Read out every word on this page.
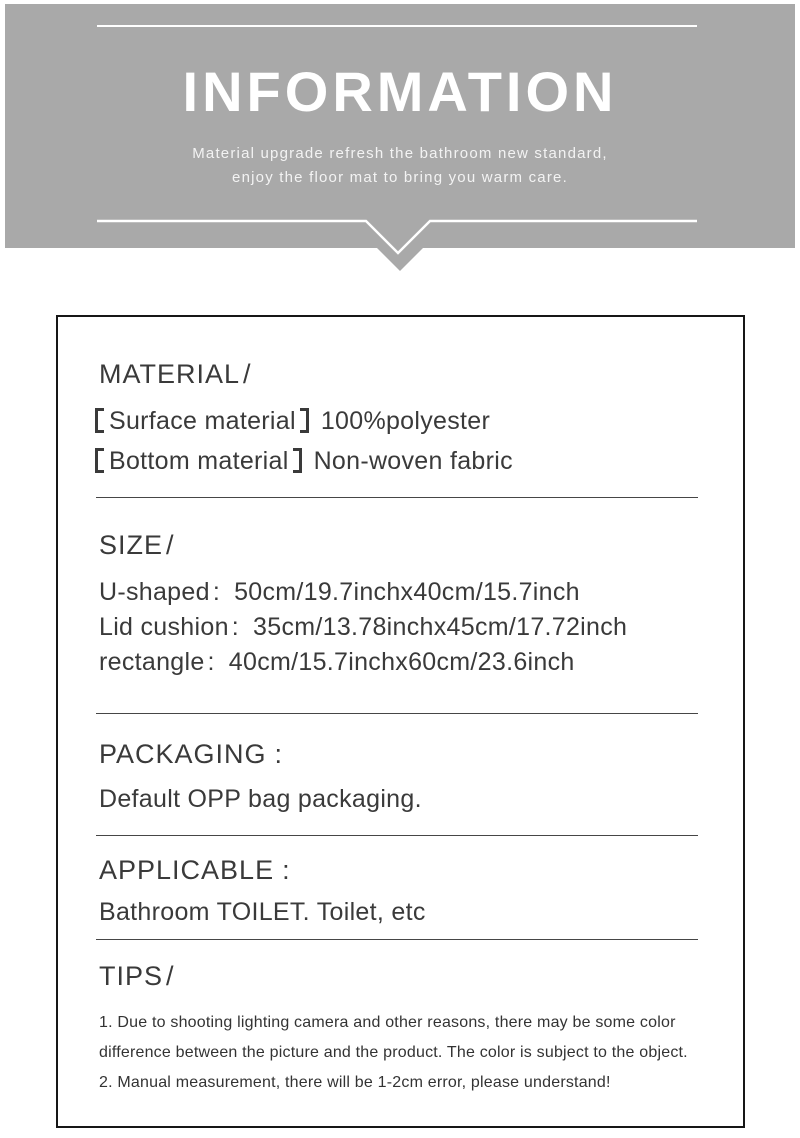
INFORMATION
Material upgrade refresh the bathroom new standard,
enjoy the floor mat to bring you warm care.
MATERIAL /
Surface material 100%polyester
Bottom material Non-woven fabric
SIZE /
U-shaped : 50cm/19.7inchx40cm/15.7inch
Lid cushion : 35cm/13.78inchx45cm/17.72inch
rectangle : 40cm/15.7inchx60cm/23.6inch
PACKAGING :
Default OPP bag packaging.
APPLICABLE :
Bathroom TOILET. Toilet, etc
TIPS /
1. Due to shooting lighting camera and other reasons, there may be some color difference between the picture and the product. The color is subject to the object.
2. Manual measurement, there will be 1-2cm error, please understand!
